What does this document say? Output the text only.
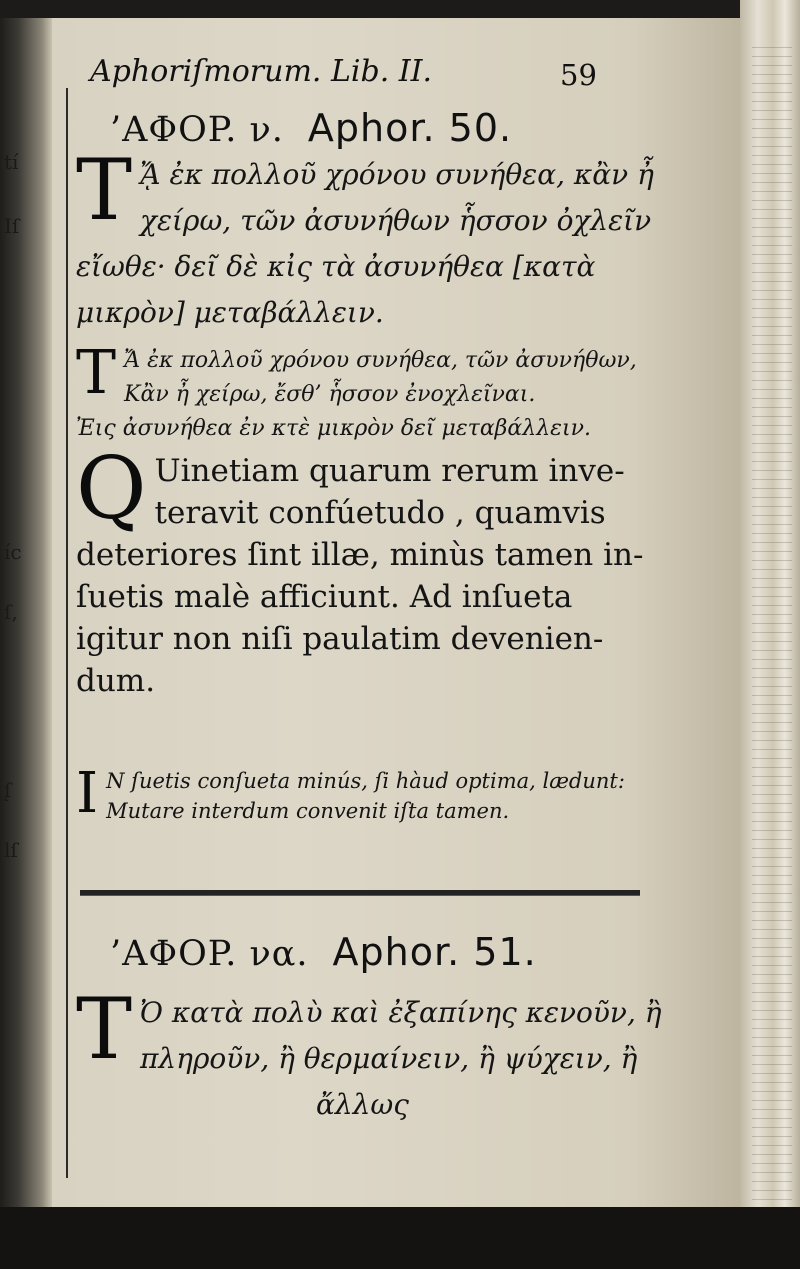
tí
Iſ
íc
ſ,
ſ̨
lſ
Aphoriſmorum. Lib. II.	59
’AΦOP. ν. Aphor. 50.
T ᾌ ἐκ πολλοῦ χρόνου συνήθεα, κἂν ἦ
χείρω, τῶν ἀσυνήθων ἧσσον ὀχλεῖν
εἴωθε· δεῖ δὲ κἰς τὰ ἀσυνήθεα [κατὰ
μικρὸν] μεταβάλλειν.
T Ἄ ἐκ πολλοῦ χρόνου συνήθεα, τῶν ἀσυνήθων,
Κἂν ἦ χείρω, ἔσθ’ ἧσσον ἐνοχλεῖναι.
Ἐις ἀσυνήθεα ἐν κτὲ μικρὸν δεῖ μεταβάλλειν.
Q Uinetiam quarum rerum inve-
teravit confúetudo , quamvis
deteriores ſint illæ, minùs tamen in-
ſuetis malè afficiunt. Ad inſueta
igitur non niſi paulatim devenien-
dum.
I N ſuetis conſueta minús, ſi hàud optima, lædunt:
Mutare interdum convenit iſta tamen.
’AΦOP. να. Aphor. 51.
T Ὀ κατὰ πολὺ καὶ ἐξαπίνης κενοῦν, ἢ
πληροῦν, ἢ θερμαίνειν, ἢ ψύχειν, ἢ
ἄλλως
